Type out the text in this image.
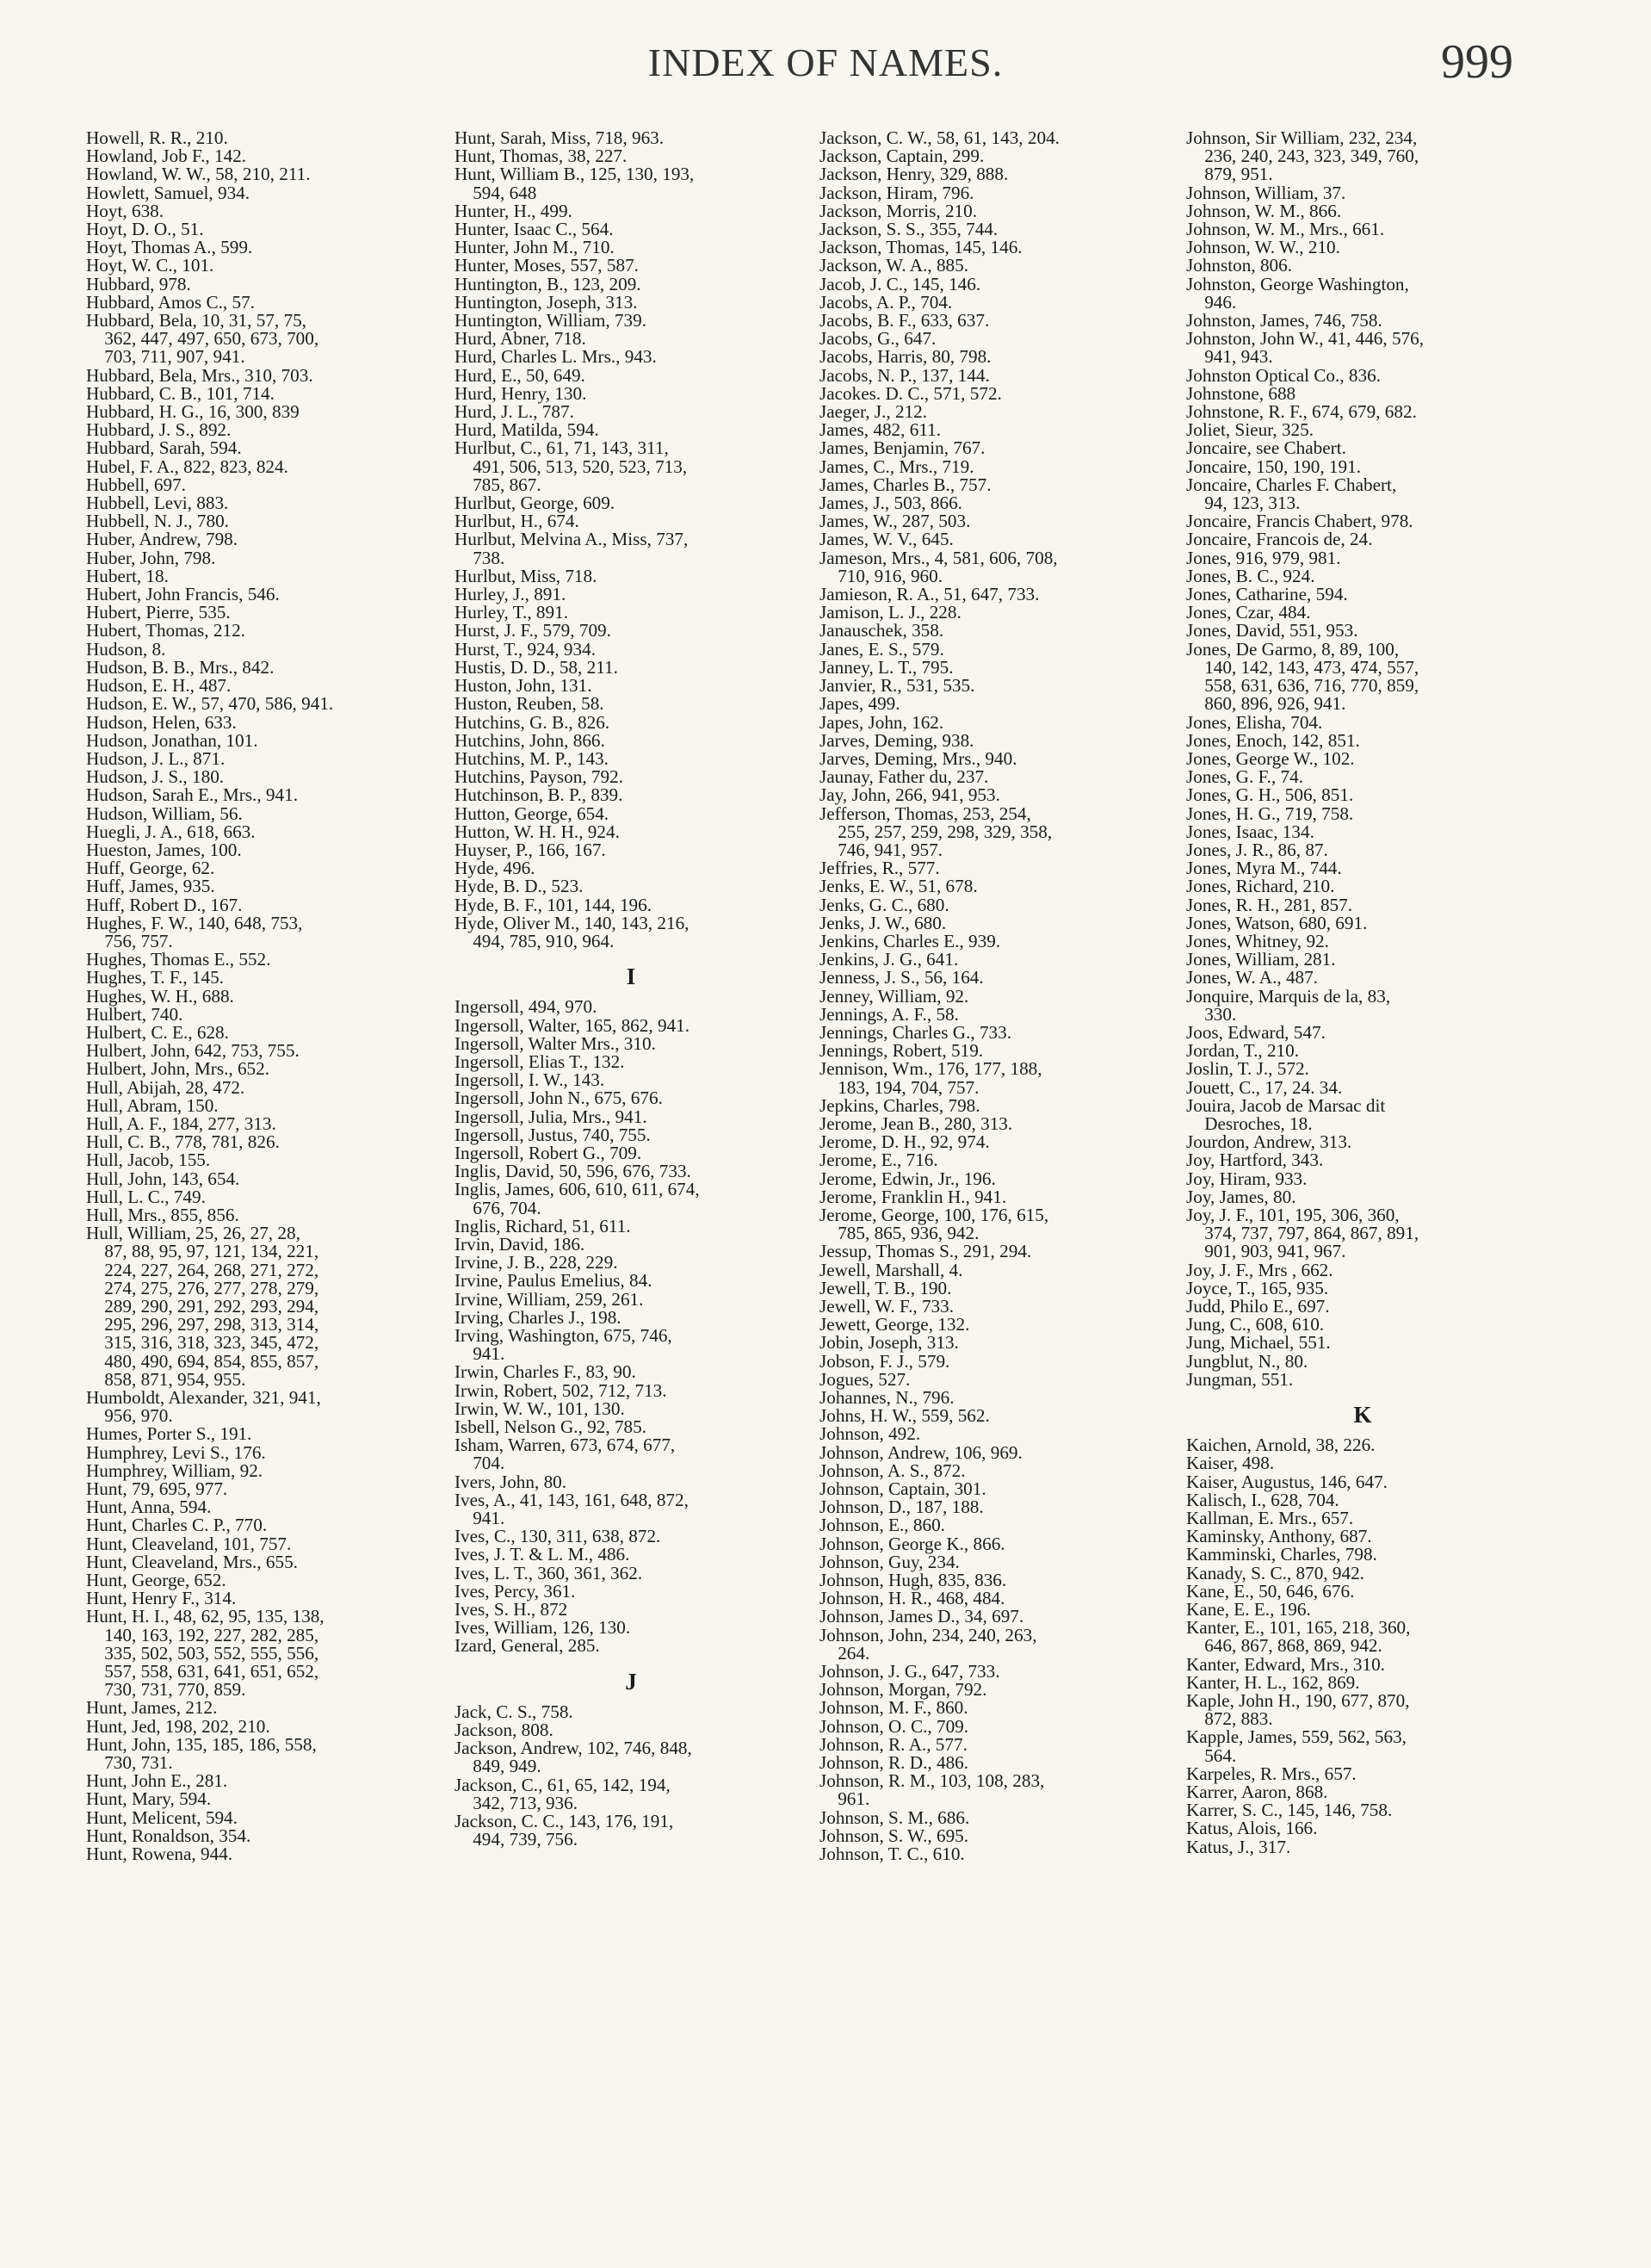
INDEX OF NAMES.	999
Howell, R. R., 210.
Howland, Job F., 142.
Howland, W. W., 58, 210, 211.
Howlett, Samuel, 934.
Hoyt, 638.
Hoyt, D. O., 51.
Hoyt, Thomas A., 599.
Hoyt, W. C., 101.
Hubbard, 978.
Hubbard, Amos C., 57.
Hubbard, Bela, 10, 31, 57, 75,
362, 447, 497, 650, 673, 700,
703, 711, 907, 941.
Hubbard, Bela, Mrs., 310, 703.
Hubbard, C. B., 101, 714.
Hubbard, H. G., 16, 300, 839
Hubbard, J. S., 892.
Hubbard, Sarah, 594.
Hubel, F. A., 822, 823, 824.
Hubbell, 697.
Hubbell, Levi, 883.
Hubbell, N. J., 780.
Huber, Andrew, 798.
Huber, John, 798.
Hubert, 18.
Hubert, John Francis, 546.
Hubert, Pierre, 535.
Hubert, Thomas, 212.
Hudson, 8.
Hudson, B. B., Mrs., 842.
Hudson, E. H., 487.
Hudson, E. W., 57, 470, 586, 941.
Hudson, Helen, 633.
Hudson, Jonathan, 101.
Hudson, J. L., 871.
Hudson, J. S., 180.
Hudson, Sarah E., Mrs., 941.
Hudson, William, 56.
Huegli, J. A., 618, 663.
Hueston, James, 100.
Huff, George, 62.
Huff, James, 935.
Huff, Robert D., 167.
Hughes, F. W., 140, 648, 753,
756, 757.
Hughes, Thomas E., 552.
Hughes, T. F., 145.
Hughes, W. H., 688.
Hulbert, 740.
Hulbert, C. E., 628.
Hulbert, John, 642, 753, 755.
Hulbert, John, Mrs., 652.
Hull, Abijah, 28, 472.
Hull, Abram, 150.
Hull, A. F., 184, 277, 313.
Hull, C. B., 778, 781, 826.
Hull, Jacob, 155.
Hull, John, 143, 654.
Hull, L. C., 749.
Hull, Mrs., 855, 856.
Hull, William, 25, 26, 27, 28,
87, 88, 95, 97, 121, 134, 221,
224, 227, 264, 268, 271, 272,
274, 275, 276, 277, 278, 279,
289, 290, 291, 292, 293, 294,
295, 296, 297, 298, 313, 314,
315, 316, 318, 323, 345, 472,
480, 490, 694, 854, 855, 857,
858, 871, 954, 955.
Humboldt, Alexander, 321, 941,
956, 970.
Humes, Porter S., 191.
Humphrey, Levi S., 176.
Humphrey, William, 92.
Hunt, 79, 695, 977.
Hunt, Anna, 594.
Hunt, Charles C. P., 770.
Hunt, Cleaveland, 101, 757.
Hunt, Cleaveland, Mrs., 655.
Hunt, George, 652.
Hunt, Henry F., 314.
Hunt, H. I., 48, 62, 95, 135, 138,
140, 163, 192, 227, 282, 285,
335, 502, 503, 552, 555, 556,
557, 558, 631, 641, 651, 652,
730, 731, 770, 859.
Hunt, James, 212.
Hunt, Jed, 198, 202, 210.
Hunt, John, 135, 185, 186, 558,
730, 731.
Hunt, John E., 281.
Hunt, Mary, 594.
Hunt, Melicent, 594.
Hunt, Ronaldson, 354.
Hunt, Rowena, 944.
Hunt, Sarah, Miss, 718, 963.
Hunt, Thomas, 38, 227.
Hunt, William B., 125, 130, 193,
594, 648
Hunter, H., 499.
Hunter, Isaac C., 564.
Hunter, John M., 710.
Hunter, Moses, 557, 587.
Huntington, B., 123, 209.
Huntington, Joseph, 313.
Huntington, William, 739.
Hurd, Abner, 718.
Hurd, Charles L. Mrs., 943.
Hurd, E., 50, 649.
Hurd, Henry, 130.
Hurd, J. L., 787.
Hurd, Matilda, 594.
Hurlbut, C., 61, 71, 143, 311,
491, 506, 513, 520, 523, 713,
785, 867.
Hurlbut, George, 609.
Hurlbut, H., 674.
Hurlbut, Melvina A., Miss, 737,
738.
Hurlbut, Miss, 718.
Hurley, J., 891.
Hurley, T., 891.
Hurst, J. F., 579, 709.
Hurst, T., 924, 934.
Hustis, D. D., 58, 211.
Huston, John, 131.
Huston, Reuben, 58.
Hutchins, G. B., 826.
Hutchins, John, 866.
Hutchins, M. P., 143.
Hutchins, Payson, 792.
Hutchinson, B. P., 839.
Hutton, George, 654.
Hutton, W. H. H., 924.
Huyser, P., 166, 167.
Hyde, 496.
Hyde, B. D., 523.
Hyde, B. F., 101, 144, 196.
Hyde, Oliver M., 140, 143, 216,
494, 785, 910, 964.
I
Ingersoll, 494, 970.
Ingersoll, Walter, 165, 862, 941.
Ingersoll, Walter Mrs., 310.
Ingersoll, Elias T., 132.
Ingersoll, I. W., 143.
Ingersoll, John N., 675, 676.
Ingersoll, Julia, Mrs., 941.
Ingersoll, Justus, 740, 755.
Ingersoll, Robert G., 709.
Inglis, David, 50, 596, 676, 733.
Inglis, James, 606, 610, 611, 674,
676, 704.
Inglis, Richard, 51, 611.
Irvin, David, 186.
Irvine, J. B., 228, 229.
Irvine, Paulus Emelius, 84.
Irvine, William, 259, 261.
Irving, Charles J., 198.
Irving, Washington, 675, 746,
941.
Irwin, Charles F., 83, 90.
Irwin, Robert, 502, 712, 713.
Irwin, W. W., 101, 130.
Isbell, Nelson G., 92, 785.
Isham, Warren, 673, 674, 677,
704.
Ivers, John, 80.
Ives, A., 41, 143, 161, 648, 872,
941.
Ives, C., 130, 311, 638, 872.
Ives, J. T. & L. M., 486.
Ives, L. T., 360, 361, 362.
Ives, Percy, 361.
Ives, S. H., 872
Ives, William, 126, 130.
Izard, General, 285.
J
Jack, C. S., 758.
Jackson, 808.
Jackson, Andrew, 102, 746, 848,
849, 949.
Jackson, C., 61, 65, 142, 194,
342, 713, 936.
Jackson, C. C., 143, 176, 191,
494, 739, 756.
Jackson, C. W., 58, 61, 143, 204.
Jackson, Captain, 299.
Jackson, Henry, 329, 888.
Jackson, Hiram, 796.
Jackson, Morris, 210.
Jackson, S. S., 355, 744.
Jackson, Thomas, 145, 146.
Jackson, W. A., 885.
Jacob, J. C., 145, 146.
Jacobs, A. P., 704.
Jacobs, B. F., 633, 637.
Jacobs, G., 647.
Jacobs, Harris, 80, 798.
Jacobs, N. P., 137, 144.
Jacokes. D. C., 571, 572.
Jaeger, J., 212.
James, 482, 611.
James, Benjamin, 767.
James, C., Mrs., 719.
James, Charles B., 757.
James, J., 503, 866.
James, W., 287, 503.
James, W. V., 645.
Jameson, Mrs., 4, 581, 606, 708,
710, 916, 960.
Jamieson, R. A., 51, 647, 733.
Jamison, L. J., 228.
Janauschek, 358.
Janes, E. S., 579.
Janney, L. T., 795.
Janvier, R., 531, 535.
Japes, 499.
Japes, John, 162.
Jarves, Deming, 938.
Jarves, Deming, Mrs., 940.
Jaunay, Father du, 237.
Jay, John, 266, 941, 953.
Jefferson, Thomas, 253, 254,
255, 257, 259, 298, 329, 358,
746, 941, 957.
Jeffries, R., 577.
Jenks, E. W., 51, 678.
Jenks, G. C., 680.
Jenks, J. W., 680.
Jenkins, Charles E., 939.
Jenkins, J. G., 641.
Jenness, J. S., 56, 164.
Jenney, William, 92.
Jennings, A. F., 58.
Jennings, Charles G., 733.
Jennings, Robert, 519.
Jennison, Wm., 176, 177, 188,
183, 194, 704, 757.
Jepkins, Charles, 798.
Jerome, Jean B., 280, 313.
Jerome, D. H., 92, 974.
Jerome, E., 716.
Jerome, Edwin, Jr., 196.
Jerome, Franklin H., 941.
Jerome, George, 100, 176, 615,
785, 865, 936, 942.
Jessup, Thomas S., 291, 294.
Jewell, Marshall, 4.
Jewell, T. B., 190.
Jewell, W. F., 733.
Jewett, George, 132.
Jobin, Joseph, 313.
Jobson, F. J., 579.
Jogues, 527.
Johannes, N., 796.
Johns, H. W., 559, 562.
Johnson, 492.
Johnson, Andrew, 106, 969.
Johnson, A. S., 872.
Johnson, Captain, 301.
Johnson, D., 187, 188.
Johnson, E., 860.
Johnson, George K., 866.
Johnson, Guy, 234.
Johnson, Hugh, 835, 836.
Johnson, H. R., 468, 484.
Johnson, James D., 34, 697.
Johnson, John, 234, 240, 263,
264.
Johnson, J. G., 647, 733.
Johnson, Morgan, 792.
Johnson, M. F., 860.
Johnson, O. C., 709.
Johnson, R. A., 577.
Johnson, R. D., 486.
Johnson, R. M., 103, 108, 283,
961.
Johnson, S. M., 686.
Johnson, S. W., 695.
Johnson, T. C., 610.
Johnson, Sir William, 232, 234,
236, 240, 243, 323, 349, 760,
879, 951.
Johnson, William, 37.
Johnson, W. M., 866.
Johnson, W. M., Mrs., 661.
Johnson, W. W., 210.
Johnston, 806.
Johnston, George Washington,
946.
Johnston, James, 746, 758.
Johnston, John W., 41, 446, 576,
941, 943.
Johnston Optical Co., 836.
Johnstone, 688
Johnstone, R. F., 674, 679, 682.
Joliet, Sieur, 325.
Joncaire, see Chabert.
Joncaire, 150, 190, 191.
Joncaire, Charles F. Chabert,
94, 123, 313.
Joncaire, Francis Chabert, 978.
Joncaire, Francois de, 24.
Jones, 916, 979, 981.
Jones, B. C., 924.
Jones, Catharine, 594.
Jones, Czar, 484.
Jones, David, 551, 953.
Jones, De Garmo, 8, 89, 100,
140, 142, 143, 473, 474, 557,
558, 631, 636, 716, 770, 859,
860, 896, 926, 941.
Jones, Elisha, 704.
Jones, Enoch, 142, 851.
Jones, George W., 102.
Jones, G. F., 74.
Jones, G. H., 506, 851.
Jones, H. G., 719, 758.
Jones, Isaac, 134.
Jones, J. R., 86, 87.
Jones, Myra M., 744.
Jones, Richard, 210.
Jones, R. H., 281, 857.
Jones, Watson, 680, 691.
Jones, Whitney, 92.
Jones, William, 281.
Jones, W. A., 487.
Jonquire, Marquis de la, 83,
330.
Joos, Edward, 547.
Jordan, T., 210.
Joslin, T. J., 572.
Jouett, C., 17, 24. 34.
Jouira, Jacob de Marsac dit
Desroches, 18.
Jourdon, Andrew, 313.
Joy, Hartford, 343.
Joy, Hiram, 933.
Joy, James, 80.
Joy, J. F., 101, 195, 306, 360,
374, 737, 797, 864, 867, 891,
901, 903, 941, 967.
Joy, J. F., Mrs , 662.
Joyce, T., 165, 935.
Judd, Philo E., 697.
Jung, C., 608, 610.
Jung, Michael, 551.
Jungblut, N., 80.
Jungman, 551.
K
Kaichen, Arnold, 38, 226.
Kaiser, 498.
Kaiser, Augustus, 146, 647.
Kalisch, I., 628, 704.
Kallman, E. Mrs., 657.
Kaminsky, Anthony, 687.
Kamminski, Charles, 798.
Kanady, S. C., 870, 942.
Kane, E., 50, 646, 676.
Kane, E. E., 196.
Kanter, E., 101, 165, 218, 360,
646, 867, 868, 869, 942.
Kanter, Edward, Mrs., 310.
Kanter, H. L., 162, 869.
Kaple, John H., 190, 677, 870,
872, 883.
Kapple, James, 559, 562, 563,
564.
Karpeles, R. Mrs., 657.
Karrer, Aaron, 868.
Karrer, S. C., 145, 146, 758.
Katus, Alois, 166.
Katus, J., 317.
